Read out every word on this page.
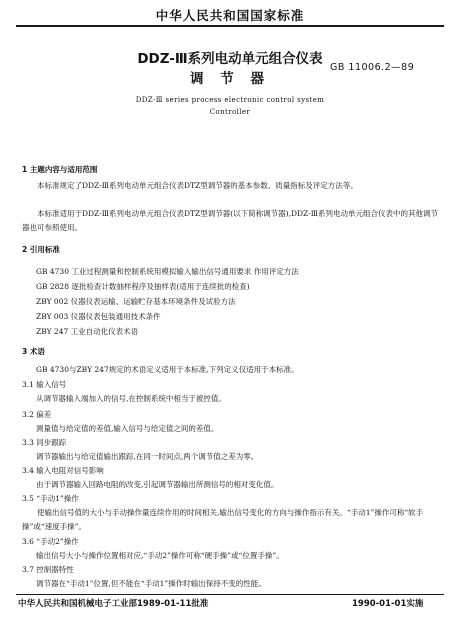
中华人民共和国国家标准
DDZ-Ⅲ系列电动单元组合仪表
调 节 器
GB 11006.2—89
DDZ-Ⅲ series process electronic control system
Controller
1 主题内容与适用范围
本标准规定了DDZ-Ⅲ系列电动单元组合仪表DTZ型调节器的基本参数、质量指标及评定方法等。
本标准适用于DDZ-Ⅲ系列电动单元组合仪表DTZ型调节器(以下简称调节器),DDZ-Ⅲ系列电动单元组合仪表中的其他调节器也可参照使用。
2 引用标准
GB 4730 工业过程测量和控制系统用模拟输入输出信号通用要求 作用评定方法
GB 2828 逐批检查计数抽样程序及抽样表(适用于连续批的检查)
ZBY 002 仪器仪表运输、运输贮存基本环境条件及试验方法
ZBY 003 仪器仪表包装通用技术条件
ZBY 247 工业自动化仪表术语
3 术语
GB 4730与ZBY 247规定的术语定义适用于本标准,下列定义仅适用于本标准。
3.1 输入信号
从调节器输入端加入的信号,在控制系统中相当于被控值。
3.2 偏差
测量值与给定值的差值,输入信号与给定值之间的差值。
3.3 同步跟踪
调节器输出与给定值输出跟踪,在同一时间点,两个调节值之差为零。
3.4 输入电阻对信号影响
由于调节器输入回路电阻的改变,引起调节器输出所测信号的相对变化值。
3.5 “手动1”操作
使输出信号值的大小与手动操作量连续作用的时间相关,输出信号变化的方向与操作指示有关。“手动1”操作可称“软手操”或“速度手操”。
3.6 “手动2”操作
输出信号大小与操作位置相对应,“手动2”操作可称“硬手操”或“位置手操”。
3.7 控制器特性
调节器在“手动1”位置,但不能在“手动1”操作时输出保持不变的性能。
中华人民共和国机械电子工业部1989-01-11批准	1990-01-01实施
